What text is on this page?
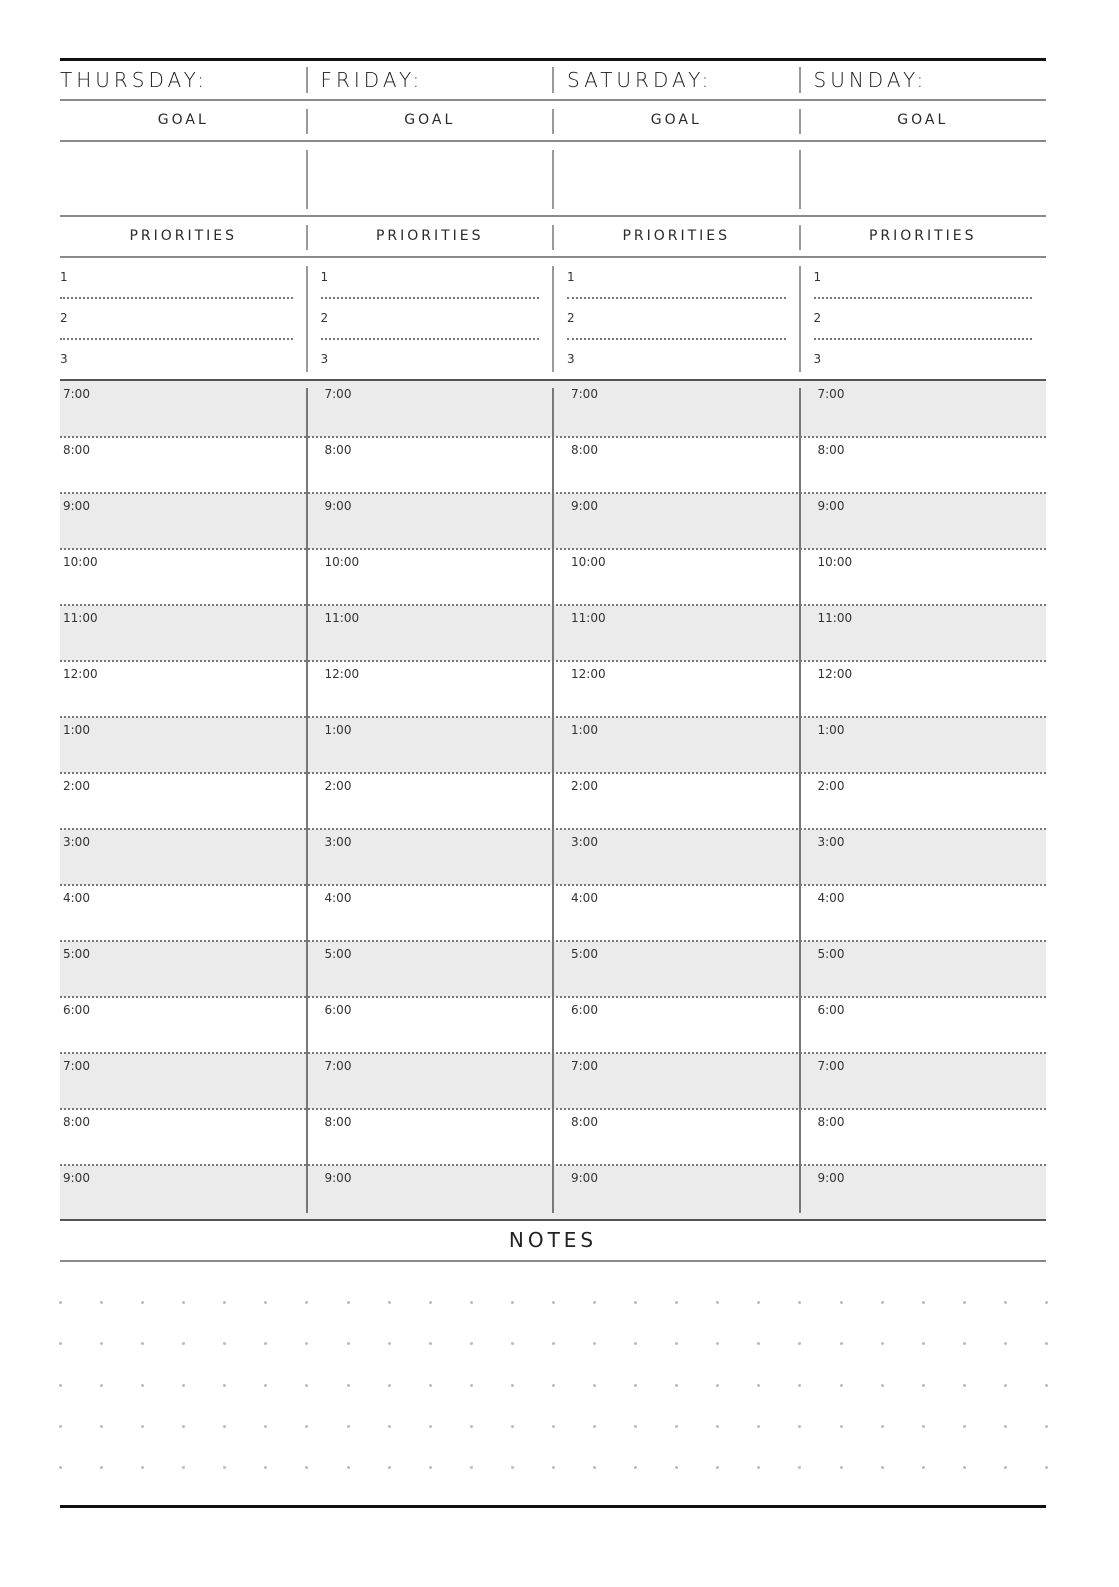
THURSDAY:
GOAL
PRIORITIES
1
2
3
7:00
8:00
9:00
10:00
11:00
12:00
1:00
2:00
3:00
4:00
5:00
6:00
7:00
8:00
9:00
FRIDAY:
GOAL
PRIORITIES
1
2
3
7:00
8:00
9:00
10:00
11:00
12:00
1:00
2:00
3:00
4:00
5:00
6:00
7:00
8:00
9:00
SATURDAY:
GOAL
PRIORITIES
1
2
3
7:00
8:00
9:00
10:00
11:00
12:00
1:00
2:00
3:00
4:00
5:00
6:00
7:00
8:00
9:00
SUNDAY:
GOAL
PRIORITIES
1
2
3
7:00
8:00
9:00
10:00
11:00
12:00
1:00
2:00
3:00
4:00
5:00
6:00
7:00
8:00
9:00
NOTES
